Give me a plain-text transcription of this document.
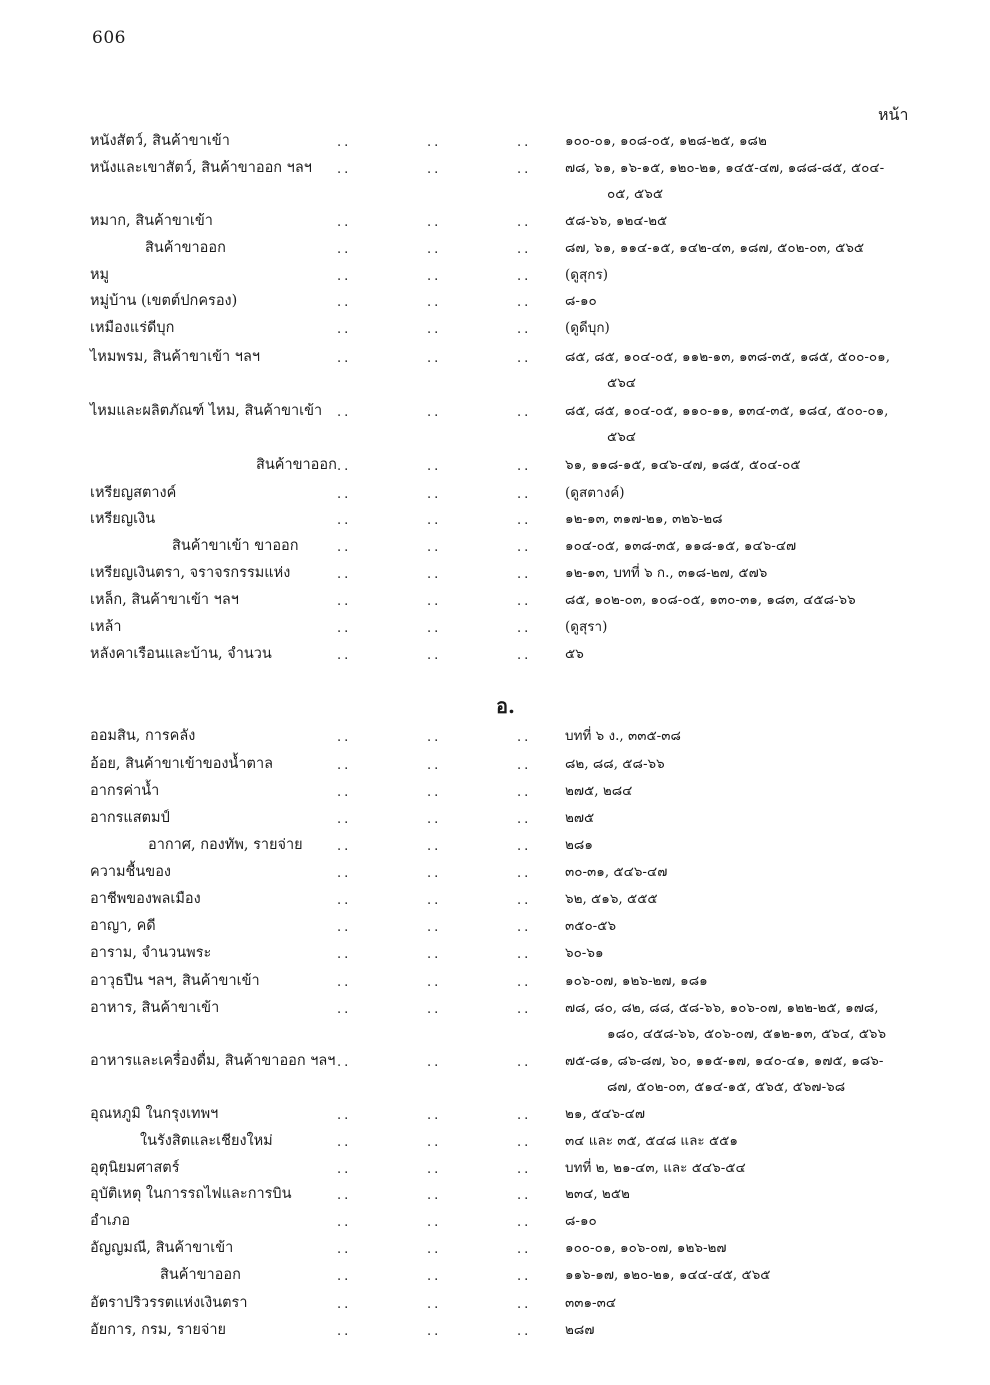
606
หน้า
อ.
หนังสัตว์, สินค้าขาเข้า	..	..	.. ๑๐๐-๐๑, ๑๐๘-๐๕, ๑๒๘-๒๕, ๑๘๒
หนังและเขาสัตว์, สินค้าขาออก ฯลฯ ..	..	.. ๗๘, ๖๑, ๑๖-๑๕, ๑๒๐-๒๑, ๑๔๕-๔๗, ๑๘๘-๘๕, ๕๐๔-
๐๕, ๕๖๕
หมาก, สินค้าขาเข้า	..	..	.. ๕๘-๖๖, ๑๒๔-๒๕
สินค้าขาออก	..	..	.. ๘๗, ๖๑, ๑๑๔-๑๕, ๑๔๒-๔๓, ๑๘๗, ๕๐๒-๐๓, ๕๖๕
หมู	..	..	.. (ดูสุกร)
หมู่บ้าน (เขตต์ปกครอง)	..	..	.. ๘-๑๐
เหมืองแร่ดีบุก	..	..	.. (ดูดีบุก)
ไหมพรม, สินค้าขาเข้า ฯลฯ	..	..	.. ๘๕, ๘๕, ๑๐๔-๐๕, ๑๑๒-๑๓, ๑๓๘-๓๕, ๑๘๕, ๕๐๐-๐๑,
๕๖๔
ไหมและผลิตภัณฑ์ ไหม, สินค้าขาเข้า ..	..	.. ๘๕, ๘๕, ๑๐๔-๐๕, ๑๑๐-๑๑, ๑๓๔-๓๕, ๑๘๔, ๕๐๐-๐๑,
๕๖๔
สินค้าขาออก ..	..	.. ๖๑, ๑๑๘-๑๕, ๑๔๖-๔๗, ๑๘๕, ๕๐๔-๐๕
เหรียญสตางค์	..	..	.. (ดูสตางค์)
เหรียญเงิน	..	..	.. ๑๒-๑๓, ๓๑๗-๒๑, ๓๒๖-๒๘
สินค้าขาเข้า ขาออก	..	..	.. ๑๐๔-๐๕, ๑๓๘-๓๕, ๑๑๘-๑๕, ๑๔๖-๔๗
เหรียญเงินตรา, จราจรกรรมแห่ง	..	..	.. ๑๒-๑๓, บทที่ ๖ ก., ๓๑๘-๒๗, ๕๗๖
เหล็ก, สินค้าขาเข้า ฯลฯ	..	..	.. ๘๕, ๑๐๒-๐๓, ๑๐๘-๐๕, ๑๓๐-๓๑, ๑๘๓, ๔๕๘-๖๖
เหล้า	..	..	.. (ดูสุรา)
หลังคาเรือนและบ้าน, จำนวน	..	..	.. ๕๖
ออมสิน, การคลัง	..	..	.. บทที่ ๖ ง., ๓๓๕-๓๘
อ้อย, สินค้าขาเข้าของน้ำตาล	..	..	.. ๘๒, ๘๘, ๕๘-๖๖
อากรค่าน้ำ	..	..	.. ๒๗๕, ๒๘๔
อากรแสตมป์	..	..	.. ๒๗๕
อากาศ, กองทัพ, รายจ่าย	..	..	.. ๒๘๑
ความชื้นของ	..	..	.. ๓๐-๓๑, ๕๔๖-๔๗
อาชีพของพลเมือง	..	..	.. ๖๒, ๕๑๖, ๕๕๕
อาญา, คดี	..	..	.. ๓๕๐-๕๖
อาราม, จำนวนพระ	..	..	.. ๖๐-๖๑
อาวุธปืน ฯลฯ, สินค้าขาเข้า	..	..	.. ๑๐๖-๐๗, ๑๒๖-๒๗, ๑๘๑
อาหาร, สินค้าขาเข้า	..	..	.. ๗๘, ๘๐, ๘๒, ๘๘, ๕๘-๖๖, ๑๐๖-๐๗, ๑๒๒-๒๕, ๑๗๘,
๑๘๐, ๔๕๘-๖๖, ๕๐๖-๐๗, ๕๑๒-๑๓, ๕๖๔, ๕๖๖
อาหารและเครื่องดื่ม, สินค้าขาออก ฯลฯ ..	..	.. ๗๕-๘๑, ๘๖-๘๗, ๖๐, ๑๑๕-๑๗, ๑๔๐-๔๑, ๑๗๕, ๑๘๖-
๘๗, ๕๐๒-๐๓, ๕๑๔-๑๕, ๕๖๕, ๕๖๗-๖๘
อุณหภูมิ ในกรุงเทพฯ	..	..	.. ๒๑, ๕๔๖-๔๗
ในรังสิตและเชียงใหม่	..	..	.. ๓๔ และ ๓๕, ๕๔๘ และ ๕๕๑
อุตุนิยมศาสตร์	..	..	.. บทที่ ๒, ๒๑-๔๓, และ ๕๔๖-๕๔
อุบัติเหตุ ในการรถไฟและการบิน	..	..	.. ๒๓๔, ๒๕๒
อำเภอ	..	..	.. ๘-๑๐
อัญญมณี, สินค้าขาเข้า	..	..	.. ๑๐๐-๐๑, ๑๐๖-๐๗, ๑๒๖-๒๗
สินค้าขาออก	..	..	.. ๑๑๖-๑๗, ๑๒๐-๒๑, ๑๔๔-๔๕, ๕๖๕
อัตราปริวรรตแห่งเงินตรา	..	..	.. ๓๓๑-๓๔
อัยการ, กรม, รายจ่าย	..	..	.. ๒๘๗
